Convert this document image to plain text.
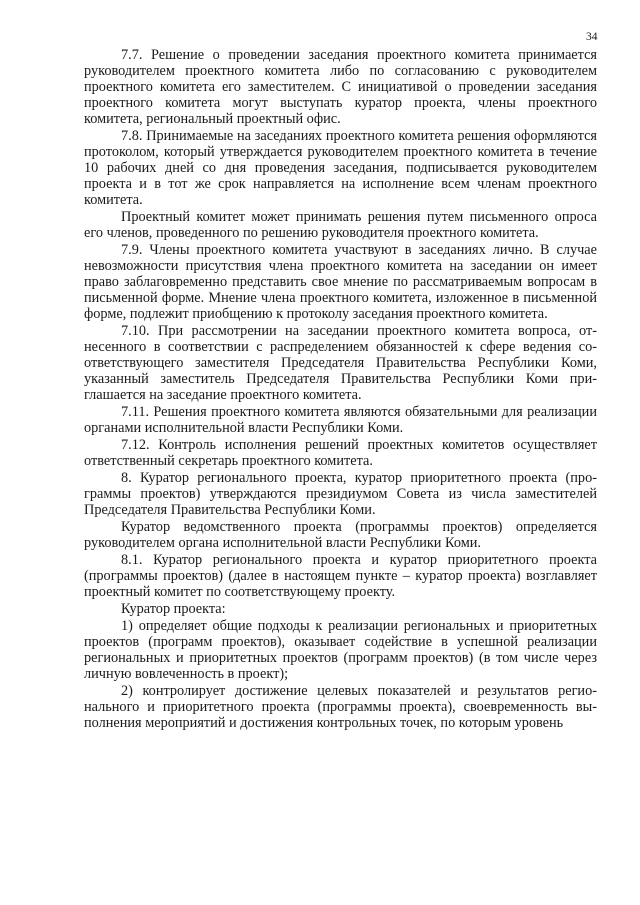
34

7.7. Решение о проведении заседания проектного комитета принимается руководителем проектного комитета либо по согласованию с руководителем проектного комитета его заместителем. С инициативой о проведении заседания проектного комитета могут выступать куратор проекта, члены проектного комитета, региональный проектный офис.

7.8. Принимаемые на заседаниях проектного комитета решения оформляются протоколом, который утверждается руководителем проектного комитета в течение 10 рабочих дней со дня проведения заседания, подписывается руководителем проекта и в тот же срок направляется на исполнение всем членам проектного комитета.

Проектный комитет может принимать решения путем письменного опроса его членов, проведенного по решению руководителя проектного комитета.

7.9. Члены проектного комитета участвуют в заседаниях лично. В случае невозможности присутствия члена проектного комитета на заседании он имеет право заблаговременно представить свое мнение по рассматриваемым вопросам в письменной форме. Мнение члена проектного комитета, изложенное в письменной форме, подлежит приобщению к протоколу заседания проектного комитета.

7.10. При рассмотрении на заседании проектного комитета вопроса, отнесенного в соответствии с распределением обязанностей к сфере ведения соответствующего заместителя Председателя Правительства Республики Коми, указанный заместитель Председателя Правительства Республики Коми приглашается на заседание проектного комитета.

7.11. Решения проектного комитета являются обязательными для реализации органами исполнительной власти Республики Коми.

7.12. Контроль исполнения решений проектных комитетов осуществляет ответственный секретарь проектного комитета.

8. Куратор регионального проекта, куратор приоритетного проекта (программы проектов) утверждаются президиумом Совета из числа заместителей Председателя Правительства Республики Коми.

Куратор ведомственного проекта (программы проектов) определяется руководителем органа исполнительной власти Республики Коми.

8.1. Куратор регионального проекта и куратор приоритетного проекта (программы проектов) (далее в настоящем пункте – куратор проекта) возглавляет проектный комитет по соответствующему проекту.

Куратор проекта:

1) определяет общие подходы к реализации региональных и приоритетных проектов (программ проектов), оказывает содействие в успешной реализации региональных и приоритетных проектов (программ проектов) (в том числе через личную вовлеченность в проект);

2) контролирует достижение целевых показателей и результатов регионального и приоритетного проекта (программы проекта), своевременность выполнения мероприятий и достижения контрольных точек, по которым уровень
